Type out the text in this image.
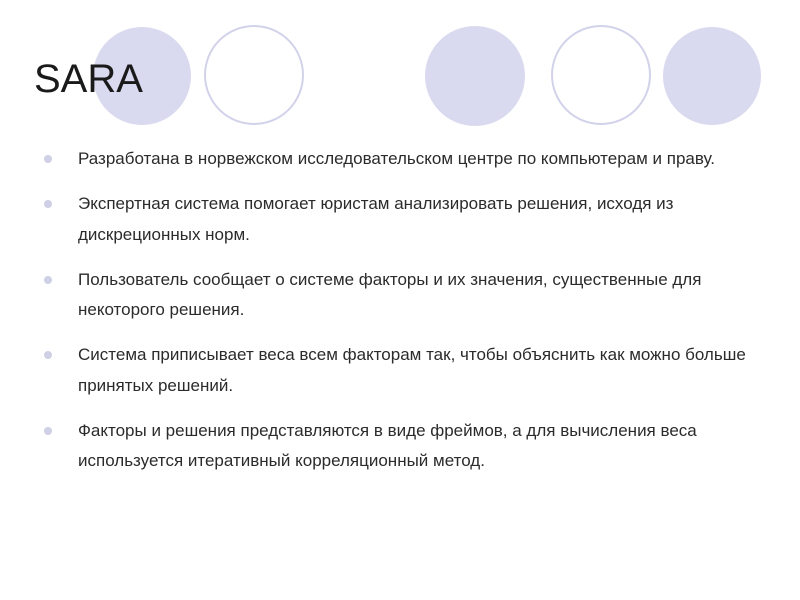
SARA
Разработана в норвежском исследовательском центре по компьютерам и праву.
Экспертная система помогает юристам анализировать решения, исходя из дискреционных норм.
Пользователь сообщает о системе факторы и их значения, существенные для некоторого решения.
Система приписывает веса всем факторам так, чтобы объяснить как можно больше принятых решений.
Факторы и решения представляются в виде фреймов, а для вычисления веса используется итеративный корреляционный метод.
